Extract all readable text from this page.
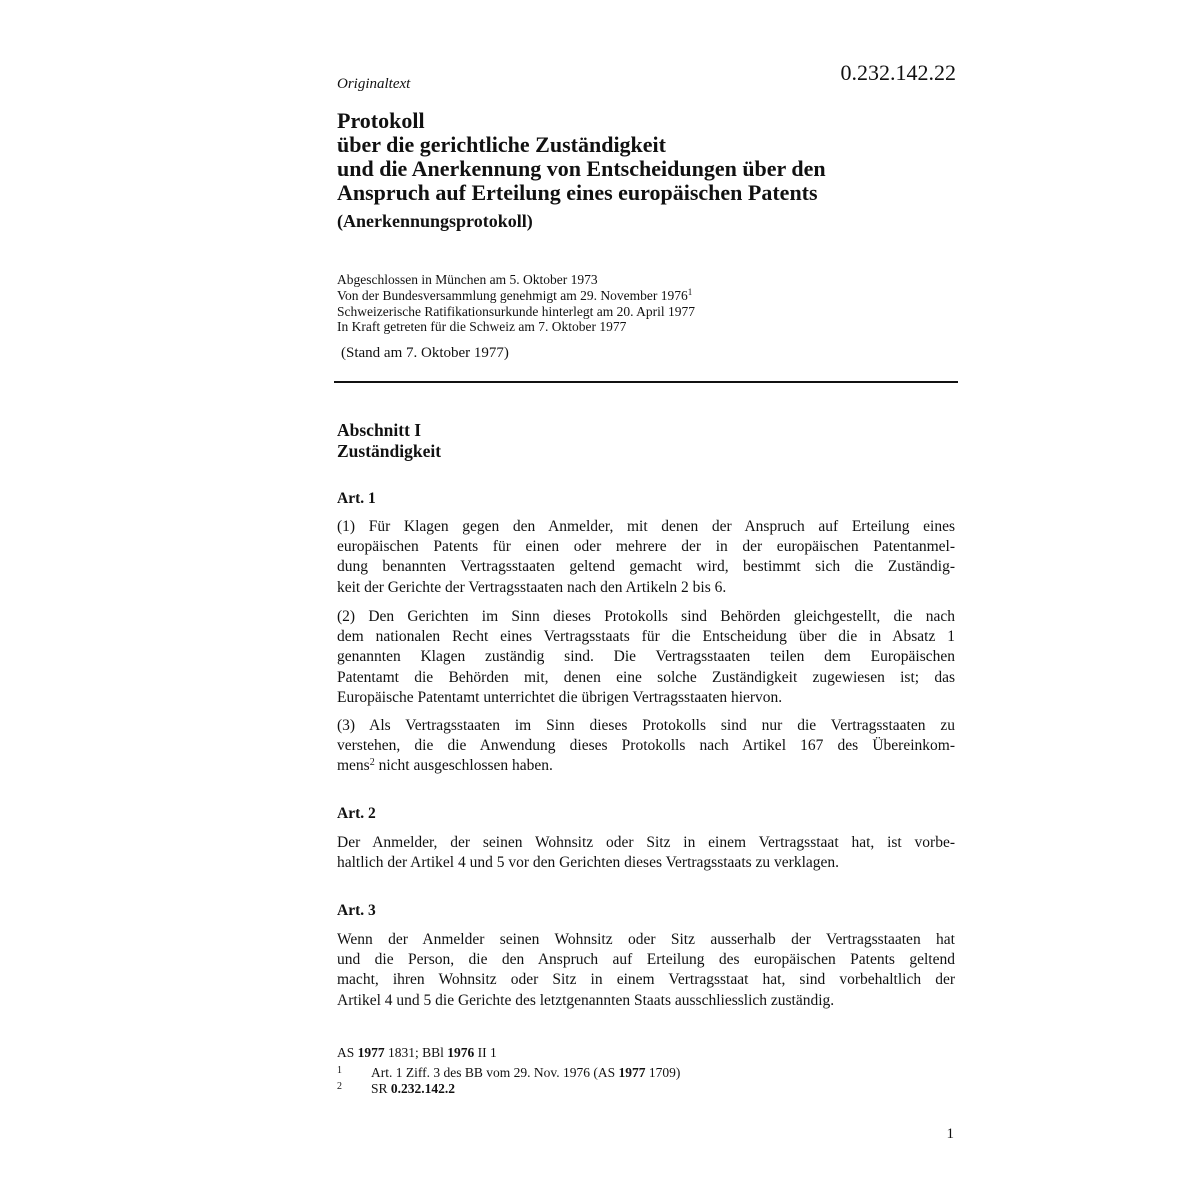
0.232.142.22
Originaltext
Protokoll
über die gerichtliche Zuständigkeit
und die Anerkennung von Entscheidungen über den
Anspruch auf Erteilung eines europäischen Patents
(Anerkennungsprotokoll)
Abgeschlossen in München am 5. Oktober 1973
Von der Bundesversammlung genehmigt am 29. November 1976$^1$
Schweizerische Ratifikationsurkunde hinterlegt am 20. April 1977
In Kraft getreten für die Schweiz am 7. Oktober 1977
(Stand am 7. Oktober 1977)
Abschnitt I
Zuständigkeit
Art. 1
(1) Für Klagen gegen den Anmelder, mit denen der Anspruch auf Erteilung eines
europäischen Patents für einen oder mehrere der in der europäischen Patentanmel-
dung benannten Vertragsstaaten geltend gemacht wird, bestimmt sich die Zuständig-
keit der Gerichte der Vertragsstaaten nach den Artikeln 2 bis 6.
(2) Den Gerichten im Sinn dieses Protokolls sind Behörden gleichgestellt, die nach
dem nationalen Recht eines Vertragsstaats für die Entscheidung über die in Absatz 1
genannten Klagen zuständig sind. Die Vertragsstaaten teilen dem Europäischen
Patentamt die Behörden mit, denen eine solche Zuständigkeit zugewiesen ist; das
Europäische Patentamt unterrichtet die übrigen Vertragsstaaten hiervon.
(3) Als Vertragsstaaten im Sinn dieses Protokolls sind nur die Vertragsstaaten zu
verstehen, die die Anwendung dieses Protokolls nach Artikel 167 des Übereinkom-
mens$^2$ nicht ausgeschlossen haben.
Art. 2
Der Anmelder, der seinen Wohnsitz oder Sitz in einem Vertragsstaat hat, ist vorbe-
haltlich der Artikel 4 und 5 vor den Gerichten dieses Vertragsstaats zu verklagen.
Art. 3
Wenn der Anmelder seinen Wohnsitz oder Sitz ausserhalb der Vertragsstaaten hat
und die Person, die den Anspruch auf Erteilung des europäischen Patents geltend
macht, ihren Wohnsitz oder Sitz in einem Vertragsstaat hat, sind vorbehaltlich der
Artikel 4 und 5 die Gerichte des letztgenannten Staats ausschliesslich zuständig.
AS 1977 1831; BBl 1976 II 1
1 Art. 1 Ziff. 3 des BB vom 29. Nov. 1976 (AS 1977 1709)
2 SR 0.232.142.2
1
